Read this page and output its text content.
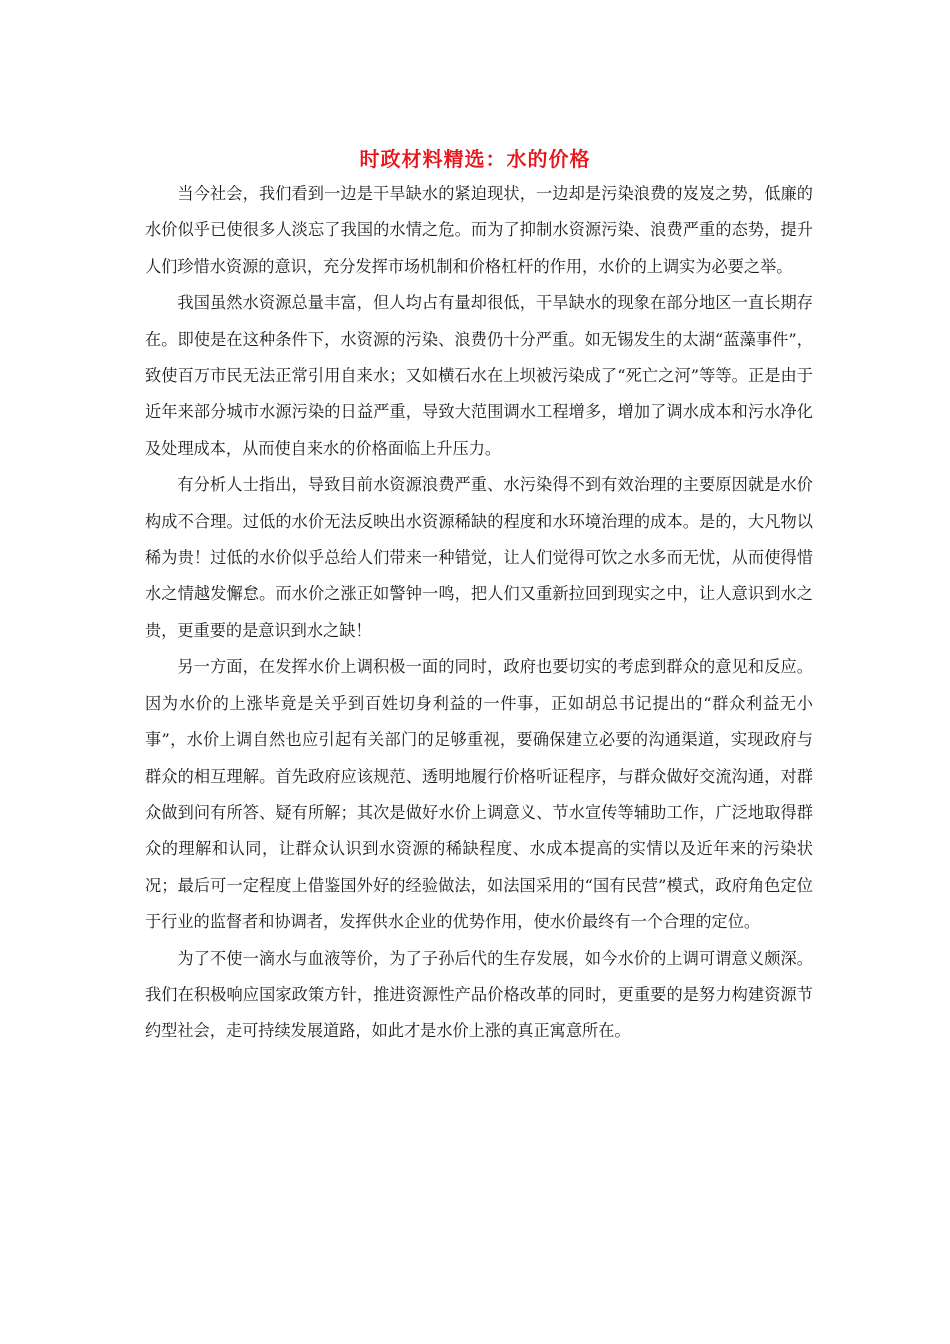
时政材料精选：水的价格

当今社会，我们看到一边是干旱缺水的紧迫现状，一边却是污染浪费的岌岌之势，低廉的水价似乎已使很多人淡忘了我国的水情之危。而为了抑制水资源污染、浪费严重的态势，提升人们珍惜水资源的意识，充分发挥市场机制和价格杠杆的作用，水价的上调实为必要之举。

我国虽然水资源总量丰富，但人均占有量却很低，干旱缺水的现象在部分地区一直长期存在。即使是在这种条件下，水资源的污染、浪费仍十分严重。如无锡发生的太湖“蓝藻事件”，致使百万市民无法正常引用自来水；又如横石水在上坝被污染成了“死亡之河”等等。正是由于近年来部分城市水源污染的日益严重，导致大范围调水工程增多，增加了调水成本和污水净化及处理成本，从而使自来水的价格面临上升压力。

有分析人士指出，导致目前水资源浪费严重、水污染得不到有效治理的主要原因就是水价构成不合理。过低的水价无法反映出水资源稀缺的程度和水环境治理的成本。是的，大凡物以稀为贵！过低的水价似乎总给人们带来一种错觉，让人们觉得可饮之水多而无忧，从而使得惜水之情越发懈怠。而水价之涨正如警钟一鸣，把人们又重新拉回到现实之中，让人意识到水之贵，更重要的是意识到水之缺！

另一方面，在发挥水价上调积极一面的同时，政府也要切实的考虑到群众的意见和反应。因为水价的上涨毕竟是关乎到百姓切身利益的一件事，正如胡总书记提出的“群众利益无小事”，水价上调自然也应引起有关部门的足够重视，要确保建立必要的沟通渠道，实现政府与群众的相互理解。首先政府应该规范、透明地履行价格听证程序，与群众做好交流沟通，对群众做到问有所答、疑有所解；其次是做好水价上调意义、节水宣传等辅助工作，广泛地取得群众的理解和认同，让群众认识到水资源的稀缺程度、水成本提高的实情以及近年来的污染状况；最后可一定程度上借鉴国外好的经验做法，如法国采用的“国有民营”模式，政府角色定位于行业的监督者和协调者，发挥供水企业的优势作用，使水价最终有一个合理的定位。

为了不使一滴水与血液等价，为了子孙后代的生存发展，如今水价的上调可谓意义颇深。我们在积极响应国家政策方针，推进资源性产品价格改革的同时，更重要的是努力构建资源节约型社会，走可持续发展道路，如此才是水价上涨的真正寓意所在。
